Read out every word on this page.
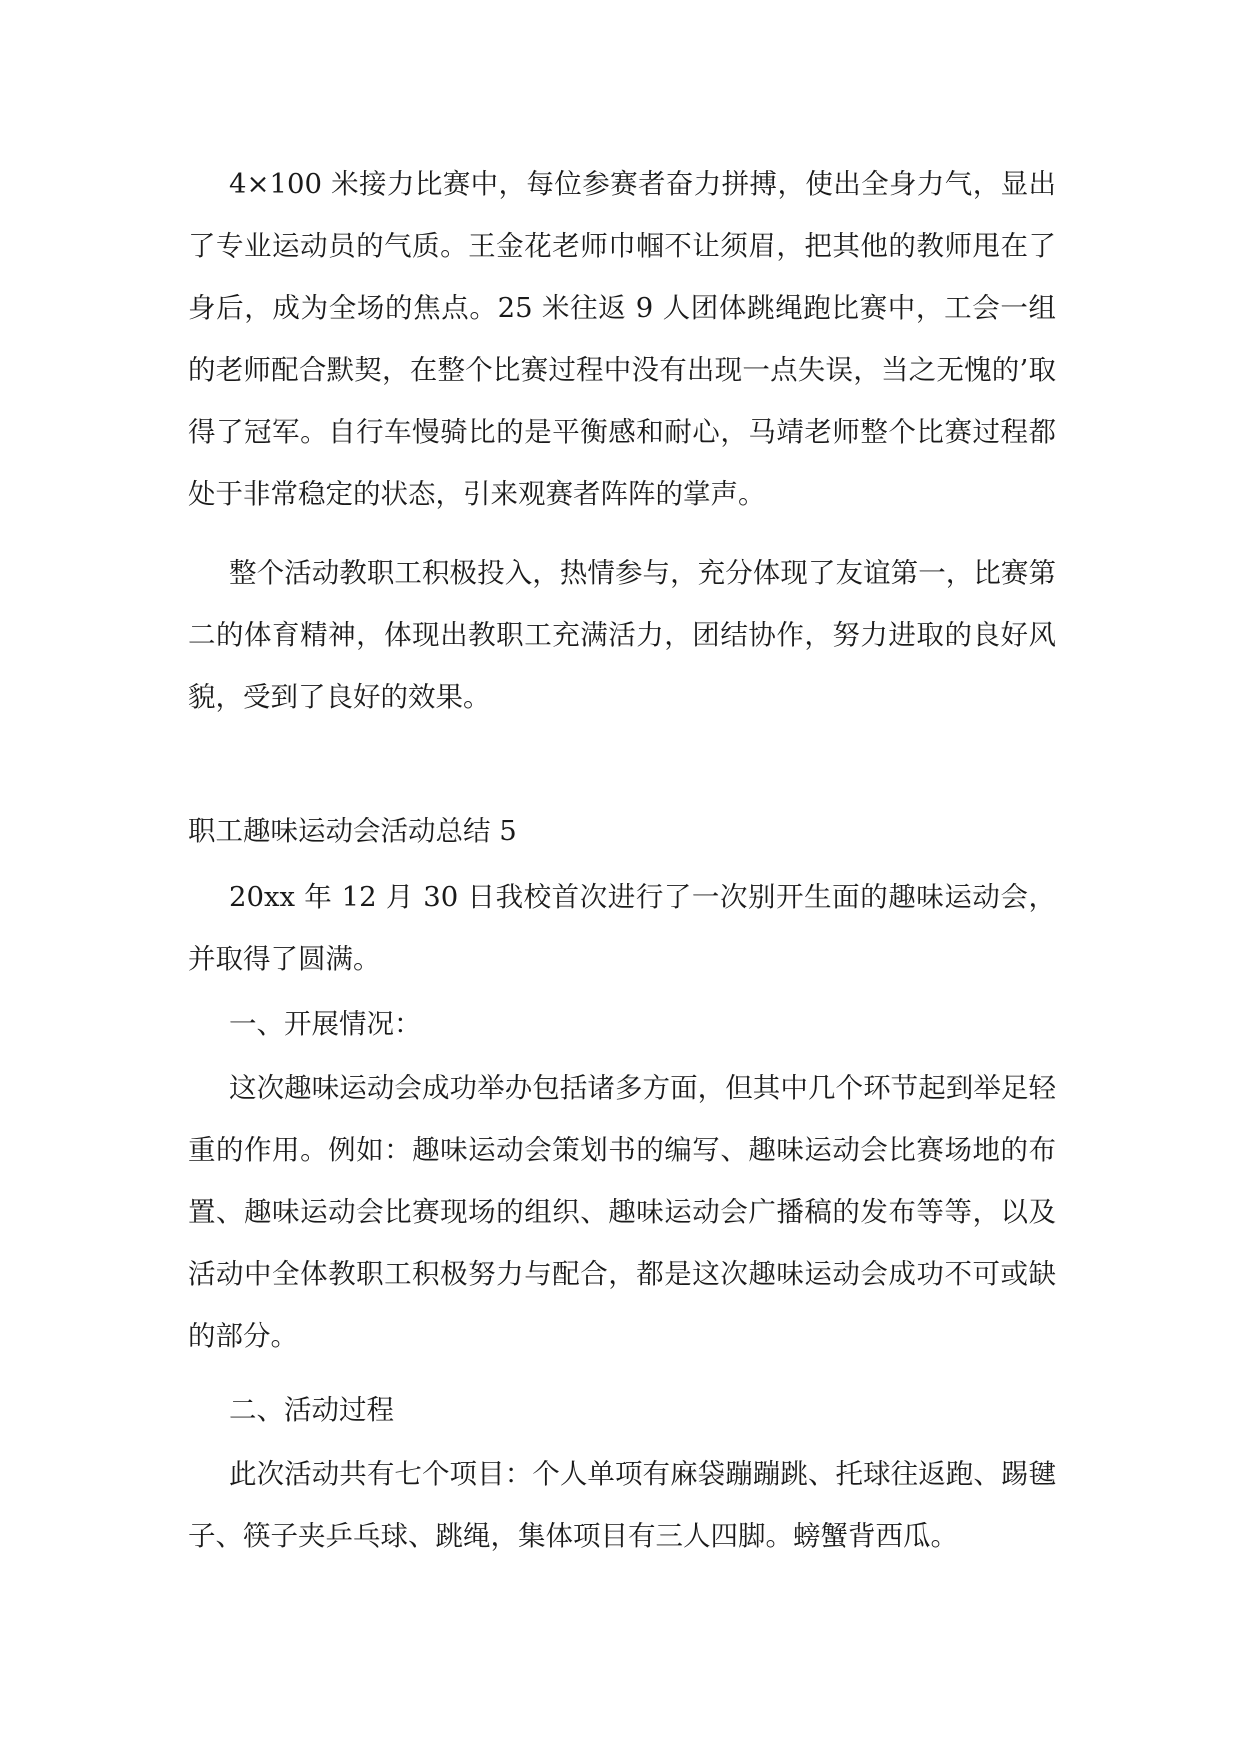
4×100 米接力比赛中，每位参赛者奋力拼搏，使出全身力气，显出了专业运动员的气质。王金花老师巾帼不让须眉，把其他的教师甩在了身后，成为全场的焦点。25 米往返 9 人团体跳绳跑比赛中，工会一组的老师配合默契，在整个比赛过程中没有出现一点失误，当之无愧的’取得了冠军。自行车慢骑比的是平衡感和耐心，马靖老师整个比赛过程都处于非常稳定的状态，引来观赛者阵阵的掌声。

整个活动教职工积极投入，热情参与，充分体现了友谊第一，比赛第二的体育精神，体现出教职工充满活力，团结协作，努力进取的良好风貌，受到了良好的效果。

职工趣味运动会活动总结 5

20xx 年 12 月 30 日我校首次进行了一次别开生面的趣味运动会，并取得了圆满。

一、开展情况：

这次趣味运动会成功举办包括诸多方面，但其中几个环节起到举足轻重的作用。例如：趣味运动会策划书的编写、趣味运动会比赛场地的布置、趣味运动会比赛现场的组织、趣味运动会广播稿的发布等等，以及活动中全体教职工积极努力与配合，都是这次趣味运动会成功不可或缺的部分。

二、活动过程

此次活动共有七个项目：个人单项有麻袋蹦蹦跳、托球往返跑、踢毽子、筷子夹乒乓球、跳绳，集体项目有三人四脚。螃蟹背西瓜。
